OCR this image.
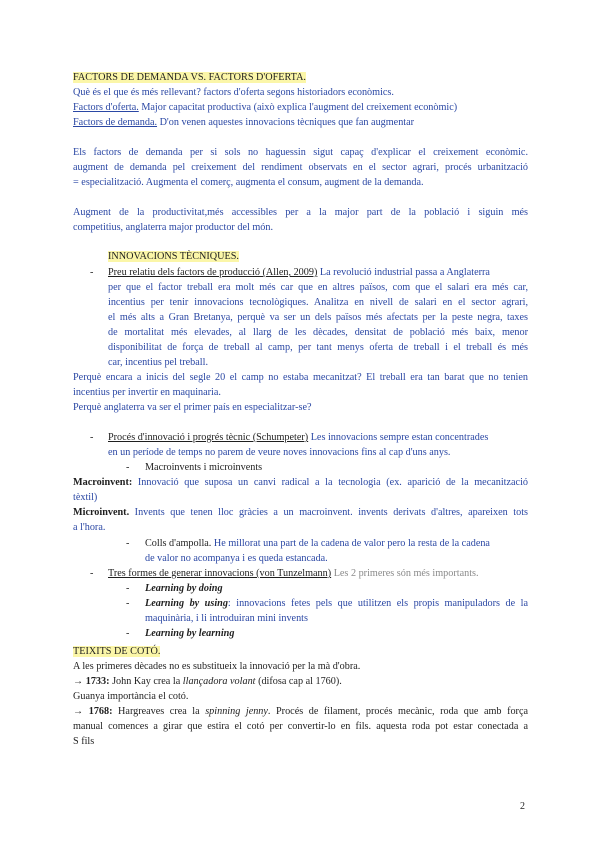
FACTORS DE DEMANDA VS. FACTORS D'OFERTA.
Què és el que és més rellevant? factors d'oferta segons historiadors econòmics.
Factors d'oferta. Major capacitat productiva (això explica l'augment del creixement econòmic)
Factors de demanda. D'on venen aquestes innovacions tècniques que fan augmentar
Els factors de demanda per si sols no haguessin sigut capaç d'explicar el creixement econòmic.
augment de demanda pel creixement del rendiment observats en el sector agrari, procés urbanització
= especialització. Augmenta el comerç, augmenta el consum, augment de la demanda.
Augment de la productivitat,més accessibles per a la major part de la població i siguin més
competitius, anglaterra major productor del món.
INNOVACIONS TÈCNIQUES.
- Preu relatiu dels factors de producció (Allen, 2009) La revolució industrial passa a Anglaterra
per que el factor treball era molt més car que en altres països, com que el salari era més car,
incentius per tenir innovacions tecnològiques. Analitza en nivell de salari en el sector agrari,
el més alts a Gran Bretanya, perquè va ser un dels països més afectats per la peste negra, taxes
de mortalitat més elevades, al llarg de les dècades, densitat de població més baix, menor
disponibilitat de força de treball al camp, per tant menys oferta de treball i el treball és més
car, incentius pel treball.
Perquè encara a inicis del segle 20 el camp no estaba mecanitzat? El treball era tan barat que no tenien
incentius per invertir en maquinaria.
Perquè anglaterra va ser el primer país en especialitzar-se?
- Procés d'innovació i progrés tècnic (Schumpeter) Les innovacions sempre estan concentrades
en un període de temps no parem de veure noves innovacions fins al cap d'uns anys.
- Macroinvents i microinvents
Macroinvent: Innovació que suposa un canvi radical a la tecnologia (ex. aparició de la mecanització
tèxtil)
Microinvent. Invents que tenen lloc gràcies a un macroinvent. invents derivats d'altres, apareixen tots
a l'hora.
- Colls d'ampolla. He millorat una part de la cadena de valor pero la resta de la cadena
de valor no acompanya i es queda estancada.
- Tres formes de generar innovacions (von Tunzelmann) Les 2 primeres són més importants.
- Learning by doing
- Learning by using: innovacions fetes pels que utilitzen els propis manipuladors de la
maquinària, i li introduiran mini invents
- Learning by learning
TEIXITS DE COTÓ.
A les primeres dècades no es substitueix la innovació per la mà d'obra.
→ 1733: John Kay crea la llançadora volant (difosa cap al 1760).
Guanya importància el cotó.
→ 1768: Hargreaves crea la spinning jenny. Procés de filament, procés mecànic, roda que amb força
manual comences a girar que estira el cotó per convertir-lo en fils. aquesta roda pot estar conectada a
S fils
2
